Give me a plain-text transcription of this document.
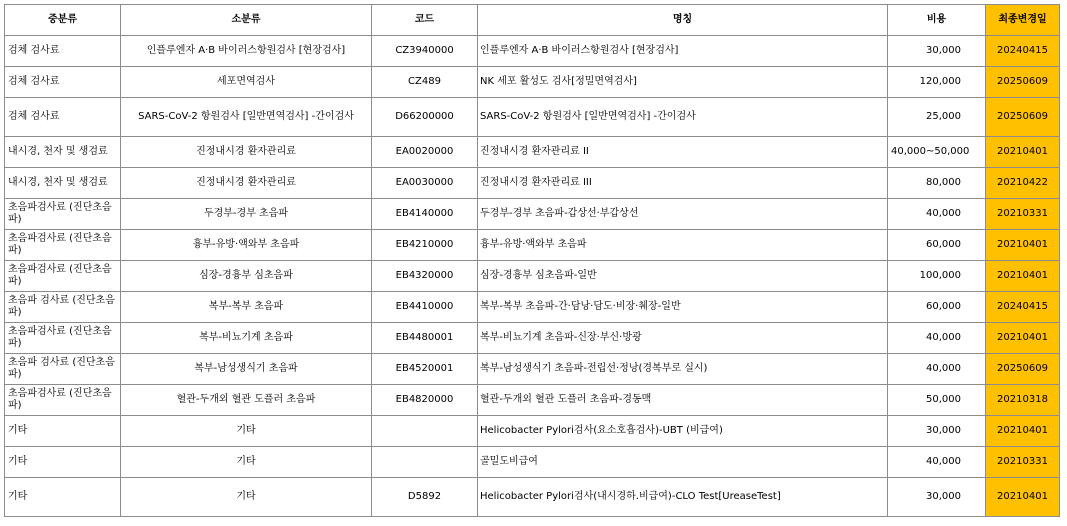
중분류	소분류	코드	명칭	비용	최종변경일
검체 검사료	인플루엔자 A·B 바이러스항원검사 [현장검사]	CZ3940000	인플루엔자 A·B 바이러스항원검사 [현장검사]	30,000	20240415
검체 검사료	세포면역검사	CZ489	NK 세포 활성도 검사[정밀면역검사]	120,000	20250609
검체 검사료	SARS-CoV-2 항원검사 [일반면역검사] -간이검사	D66200000	SARS-CoV-2 항원검사 [일반면역검사] -간이검사	25,000	20250609
내시경, 천자 및 생검료	진정내시경 환자관리료	EA0020000	진정내시경 환자관리료 II	40,000~50,000	20210401
내시경, 천자 및 생검료	진정내시경 환자관리료	EA0030000	진정내시경 환자관리료 III	80,000	20210422
초음파검사료 (진단초음파)	두경부-경부 초음파	EB4140000	두경부-경부 초음파-갑상선·부갑상선	40,000	20210331
초음파검사료 (진단초음파)	흉부-유방·액와부 초음파	EB4210000	흉부-유방·액와부 초음파	60,000	20210401
초음파검사료 (진단초음파)	심장-경흉부 심초음파	EB4320000	심장-경흉부 심초음파-일반	100,000	20210401
초음파 검사료 (진단초음파)	복부-복부 초음파	EB4410000	복부-복부 초음파-간·담낭·담도·비장·췌장-일반	60,000	20240415
초음파검사료 (진단초음파)	복부-비뇨기계 초음파	EB4480001	복부-비뇨기계 초음파-신장·부신·방광	40,000	20210401
초음파 검사료 (진단초음파)	복부-남성생식기 초음파	EB4520001	복부-남성생식기 초음파-전립선·정낭(경복부로 실시)	40,000	20250609
초음파검사료 (진단초음파)	혈관-두개외 혈관 도플러 초음파	EB4820000	혈관-두개외 혈관 도플러 초음파-경동맥	50,000	20210318
기타	기타		Helicobacter Pylori검사(요소호흡검사)-UBT (비급여)	30,000	20210401
기타	기타		골밀도비급여	40,000	20210331
기타	기타	D5892	Helicobacter Pylori검사(내시경하.비급여)-CLO Test[UreaseTest]	30,000	20210401
